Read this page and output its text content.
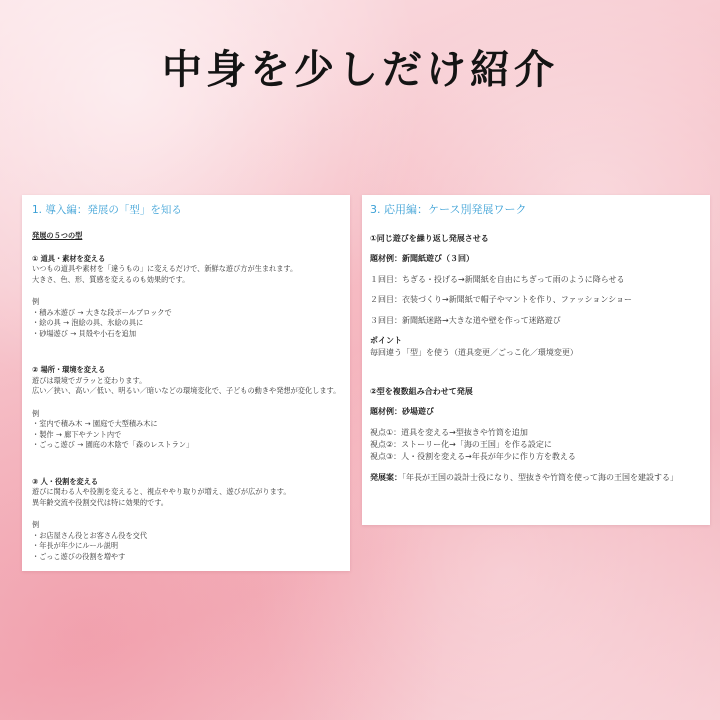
中身を少しだけ紹介
1. 導入編：発展の「型」を知る
発展の５つの型
① 道具・素材を変える
いつもの道具や素材を「違うもの」に変えるだけで、新鮮な遊び方が生まれます。
大きさ、色、形、質感を変えるのも効果的です。
例
・積み木遊び → 大きな段ボールブロックで
・絵の具 → 泡絵の具、氷絵の具に
・砂場遊び → 貝殻や小石を追加
② 場所・環境を変える
遊びは環境でガラッと変わります。
広い／狭い、高い／低い、明るい／暗いなどの環境変化で、子どもの動きや発想が変化します。
例
・室内で積み木 → 園庭で大型積み木に
・製作 → 廊下やテント内で
・ごっこ遊び → 園庭の木陰で「森のレストラン」
③ 人・役割を変える
遊びに関わる人や役割を変えると、視点ややり取りが増え、遊びが広がります。
異年齢交流や役割交代は特に効果的です。
例
・お店屋さん役とお客さん役を交代
・年長が年少にルール説明
・ごっこ遊びの役割を増やす
3. 応用編：ケース別発展ワーク
①同じ遊びを繰り返し発展させる
題材例：新聞紙遊び（３回）
１回目：ちぎる・投げる→新聞紙を自由にちぎって雨のように降らせる
２回目：衣装づくり→新聞紙で帽子やマントを作り、ファッションショー
３回目：新聞紙迷路→大きな道や壁を作って迷路遊び
ポイント
毎回違う「型」を使う（道具変更／ごっこ化／環境変更）
②型を複数組み合わせて発展
題材例：砂場遊び
視点①：道具を変える→型抜きや竹筒を追加
視点②：ストーリー化→「海の王国」を作る設定に
視点③：人・役割を変える→年長が年少に作り方を教える
発展案：「年長が王国の設計士役になり、型抜きや竹筒を使って海の王国を建設する」
